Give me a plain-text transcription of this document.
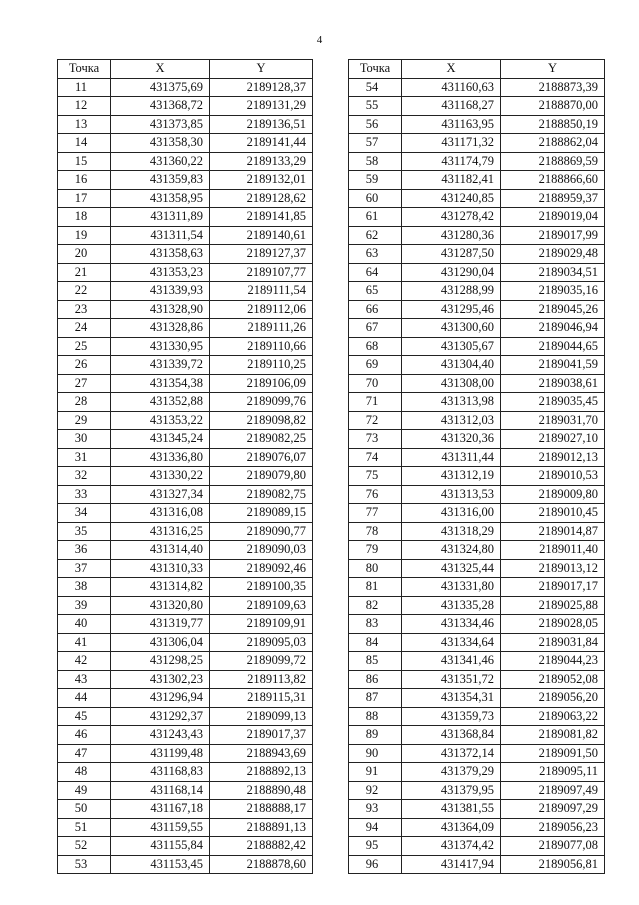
4
Точка	X	Y
11	431375,69	2189128,37
12	431368,72	2189131,29
13	431373,85	2189136,51
14	431358,30	2189141,44
15	431360,22	2189133,29
16	431359,83	2189132,01
17	431358,95	2189128,62
18	431311,89	2189141,85
19	431311,54	2189140,61
20	431358,63	2189127,37
21	431353,23	2189107,77
22	431339,93	2189111,54
23	431328,90	2189112,06
24	431328,86	2189111,26
25	431330,95	2189110,66
26	431339,72	2189110,25
27	431354,38	2189106,09
28	431352,88	2189099,76
29	431353,22	2189098,82
30	431345,24	2189082,25
31	431336,80	2189076,07
32	431330,22	2189079,80
33	431327,34	2189082,75
34	431316,08	2189089,15
35	431316,25	2189090,77
36	431314,40	2189090,03
37	431310,33	2189092,46
38	431314,82	2189100,35
39	431320,80	2189109,63
40	431319,77	2189109,91
41	431306,04	2189095,03
42	431298,25	2189099,72
43	431302,23	2189113,82
44	431296,94	2189115,31
45	431292,37	2189099,13
46	431243,43	2189017,37
47	431199,48	2188943,69
48	431168,83	2188892,13
49	431168,14	2188890,48
50	431167,18	2188888,17
51	431159,55	2188891,13
52	431155,84	2188882,42
53	431153,45	2188878,60
Точка	X	Y
54	431160,63	2188873,39
55	431168,27	2188870,00
56	431163,95	2188850,19
57	431171,32	2188862,04
58	431174,79	2188869,59
59	431182,41	2188866,60
60	431240,85	2188959,37
61	431278,42	2189019,04
62	431280,36	2189017,99
63	431287,50	2189029,48
64	431290,04	2189034,51
65	431288,99	2189035,16
66	431295,46	2189045,26
67	431300,60	2189046,94
68	431305,67	2189044,65
69	431304,40	2189041,59
70	431308,00	2189038,61
71	431313,98	2189035,45
72	431312,03	2189031,70
73	431320,36	2189027,10
74	431311,44	2189012,13
75	431312,19	2189010,53
76	431313,53	2189009,80
77	431316,00	2189010,45
78	431318,29	2189014,87
79	431324,80	2189011,40
80	431325,44	2189013,12
81	431331,80	2189017,17
82	431335,28	2189025,88
83	431334,46	2189028,05
84	431334,64	2189031,84
85	431341,46	2189044,23
86	431351,72	2189052,08
87	431354,31	2189056,20
88	431359,73	2189063,22
89	431368,84	2189081,82
90	431372,14	2189091,50
91	431379,29	2189095,11
92	431379,95	2189097,49
93	431381,55	2189097,29
94	431364,09	2189056,23
95	431374,42	2189077,08
96	431417,94	2189056,81
